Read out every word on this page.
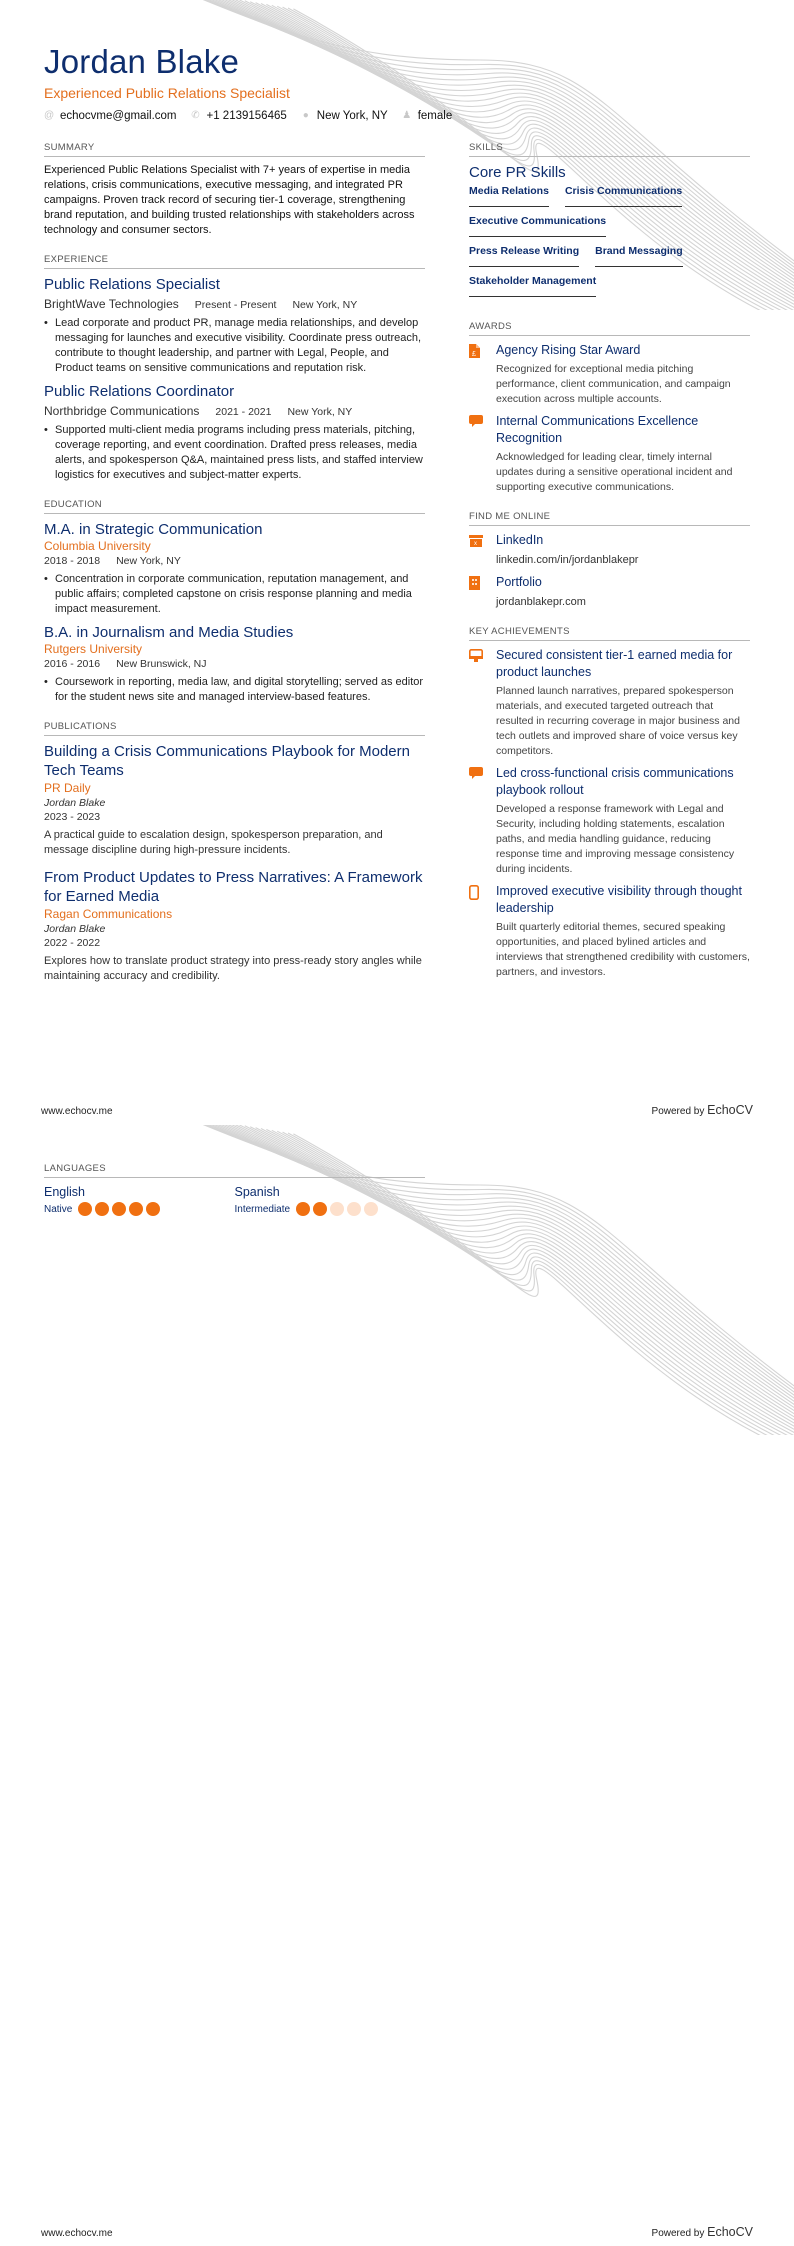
Jordan Blake
Experienced Public Relations Specialist
@ echocvme@gmail.com ✆ +1 2139156465 ● New York, NY ♟ female
SUMMARY
Experienced Public Relations Specialist with 7+ years of expertise in media relations, crisis communications, executive messaging, and integrated PR campaigns. Proven track record of securing tier-1 coverage, strengthening brand reputation, and building trusted relationships with stakeholders across technology and consumer sectors.
EXPERIENCE
Public Relations Specialist
BrightWave Technologies Present - Present New York, NY
• Lead corporate and product PR, manage media relationships, and develop messaging for launches and executive visibility. Coordinate press outreach, contribute to thought leadership, and partner with Legal, People, and Product teams on sensitive communications and reputation risk.
Public Relations Coordinator
Northbridge Communications 2021 - 2021 New York, NY
• Supported multi-client media programs including press materials, pitching, coverage reporting, and event coordination. Drafted press releases, media alerts, and spokesperson Q&A, maintained press lists, and staffed interview logistics for executives and subject-matter experts.
EDUCATION
M.A. in Strategic Communication
Columbia University
2018 - 2018 New York, NY
• Concentration in corporate communication, reputation management, and public affairs; completed capstone on crisis response planning and media impact measurement.
B.A. in Journalism and Media Studies
Rutgers University
2016 - 2016 New Brunswick, NJ
• Coursework in reporting, media law, and digital storytelling; served as editor for the student news site and managed interview-based features.
PUBLICATIONS
Building a Crisis Communications Playbook for Modern Tech Teams
PR Daily
Jordan Blake
2023 - 2023
A practical guide to escalation design, spokesperson preparation, and message discipline during high-pressure incidents.
From Product Updates to Press Narratives: A Framework for Earned Media
Ragan Communications
Jordan Blake
2022 - 2022
Explores how to translate product strategy into press-ready story angles while maintaining accuracy and credibility.
SKILLS
Core PR Skills
Media Relations Crisis Communications
Executive Communications
Press Release Writing Brand Messaging
Stakeholder Management
AWARDS
£ Agency Rising Star Award
Recognized for exceptional media pitching performance, client communication, and campaign execution across multiple accounts.
Internal Communications Excellence Recognition
Acknowledged for leading clear, timely internal updates during a sensitive operational incident and supporting executive communications.
FIND ME ONLINE
x LinkedIn
linkedin.com/in/jordanblakepr
Portfolio
jordanblakepr.com
KEY ACHIEVEMENTS
Secured consistent tier-1 earned media for product launches
Planned launch narratives, prepared spokesperson materials, and executed targeted outreach that resulted in recurring coverage in major business and tech outlets and improved share of voice versus key competitors.
Led cross-functional crisis communications playbook rollout
Developed a response framework with Legal and Security, including holding statements, escalation paths, and media handling guidance, reducing response time and improving message consistency during incidents.
Improved executive visibility through thought leadership
Built quarterly editorial themes, secured speaking opportunities, and placed bylined articles and interviews that strengthened credibility with customers, partners, and investors.
www.echocv.me	Powered by EchoCV
LANGUAGES
English
Native
Spanish
Intermediate
www.echocv.me	Powered by EchoCV
